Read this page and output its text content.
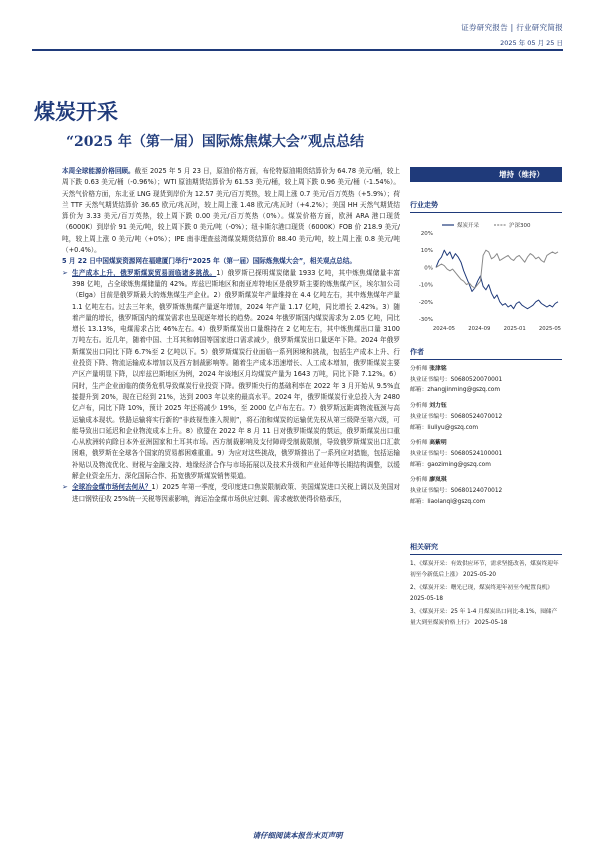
证券研究报告 | 行业研究简报
2025 年 05 月 25 日
煤炭开采
“2025 年（第一届）国际炼焦煤大会”观点总结

本周全球能源价格回顾。截至 2025 年 5 月 23 日，原油价格方面，布伦特原油期货结算价为 64.78 美元/桶，较上周下跌 0.63 美元/桶（-0.96%）；WTI 原油期货结算价为 61.53 美元/桶，较上周下跌 0.96 美元/桶（-1.54%）。天然气价格方面，东北亚 LNG 现货到岸价为 12.57 美元/百万英热，较上周上涨 0.7 美元/百万英热（+5.9%）；荷兰 TTF 天然气期货结算价 36.65 欧元/兆瓦时，较上周上涨 1.48 欧元/兆瓦时（+4.2%）；美国 HH 天然气期货结算价为 3.33 美元/百万英热，较上周下跌 0.00 美元/百万英热（0%）。煤炭价格方面，欧洲 ARA 港口现货（6000K）到岸价 91 美元/吨，较上周下跌 0 美元/吨（-0%）；纽卡斯尔港口现货（6000K）FOB 价 218.9 美元/吨，较上周上涨 0 美元/吨（+0%）；IPE 南非理查兹湾煤炭期货结算价 88.40 美元/吨，较上周上涨 0.8 美元/吨（+0.4%）。

5 月 22 日中国煤炭资源网在福建厦门举行“2025 年（第一届）国际炼焦煤大会”，相关观点总结。

➢ 生产成本上升，俄罗斯煤炭贸易面临诸多挑战。1）俄罗斯已探明煤炭储量 1933 亿吨，其中炼焦煤储量丰富 398 亿吨，占全球炼焦煤储量的 42%。库兹巴斯地区和南亚库特地区是俄罗斯主要的炼焦煤产区，埃尔加公司（Elga）目前是俄罗斯最大的炼焦煤生产企业。2）俄罗斯煤炭年产量维持在 4.4 亿吨左右，其中炼焦煤年产量 1.1 亿吨左右。过去三年来，俄罗斯炼焦煤产量逐年增加，2024 年产量 1.17 亿吨，同比增长 2.42%。3）随着产量的增长，俄罗斯国内的煤炭需求也呈现逐年增长的趋势。2024 年俄罗斯国内煤炭需求为 2.05 亿吨，同比增长 13.13%，电煤需求占比 46%左右。4）俄罗斯煤炭出口量维持在 2 亿吨左右，其中炼焦煤出口量 3100 万吨左右。近几年，随着中国、土耳其和韩国等国家进口需求减少，俄罗斯煤炭出口量逐年下降。2024 年俄罗斯煤炭出口同比下降 6.7%至 2 亿吨以下。5）俄罗斯煤炭行业面临一系列困境和挑战，包括生产成本上升、行业投资下降、物流运输成本增加以及西方制裁影响等。随着生产成本迅速增长、人工成本增加，俄罗斯煤炭主要产区产量明显下降，以库兹巴斯地区为例，2024 年该地区月均煤炭产量为 1643 万吨，同比下降 7.12%。6）同时，生产企业面临的债务危机导致煤炭行业投资下降。俄罗斯央行的基础利率在 2022 年 3 月开始从 9.5%直接提升到 20%，现在已经到 21%，达到 2003 年以来的最高水平。2024 年，俄罗斯煤炭行业总投入为 2480 亿卢布，同比下降 10%，预计 2025 年还将减少 19%，至 2000 亿卢布左右。7）俄罗斯远距离物流瓶颈与高运输成本现状。铁路运输将实行新的“非歧视性准入规则”，将石油和煤炭的运输优先权从第三级降至第六级，可能导致出口延迟和企业物流成本上升。8）欧盟在 2022 年 8 月 11 日对俄罗斯煤炭的禁运，俄罗斯煤炭出口重心从欧洲转向除日本外亚洲国家和土耳其市场。西方制裁影响及支付障碍受制裁限制，导致俄罗斯煤炭出口汇款困难，俄罗斯在全球各个国家的贸易都困难重重。9）为应对这些挑战，俄罗斯推出了一系列应对措施，包括运输补贴以及物流优化、财税与金融支持、地缘经济合作与市场拓展以及技术升级和产业延伸等长期结构调整，以缓解企业资金压力、深化国际合作、拓宽俄罗斯煤炭销售渠道。

➢ 全球冶金煤市场何去何从？1）2025 年第一季度，受印度进口焦炭限制政策、美国煤炭进口关税上调以及美国对进口钢铁征收 25%统一关税等因素影响，海运冶金煤市场供应过剩、需求疲软使得价格承压，

增持（维持）
行业走势
20%
10%
0%
-10%
-20%
-30%
2024-05 2024-09 2025-01 2025-05
煤炭开采	沪深300
作者
分析师 张津铭
执业证书编号：S0680520070001
邮箱：zhangjinming@gszq.com
分析师 刘力钰
执业证书编号：S0680524070012
邮箱：liuliyu@gszq.com
分析师 高紫明
执业证书编号：S0680524100001
邮箱：gaoziming@gszq.com
分析师 廖岚琪
执业证书编号：S0680124070012
邮箱：liaolanqi@gszq.com
相关研究
1、《煤炭开采：有效供应环节，需求坚挺改善，煤炭终迎年初至今新低后上涨》 2025-05-20
2、《煤炭开采：曙光已现，煤炭终迎年初至今配置良机》 2025-05-18
3、《煤炭开采：25 年 1-4 月煤炭出口同比-8.1%，囤储产量大到至煤炭价格上行》 2025-05-18
请仔细阅读本报告末页声明
